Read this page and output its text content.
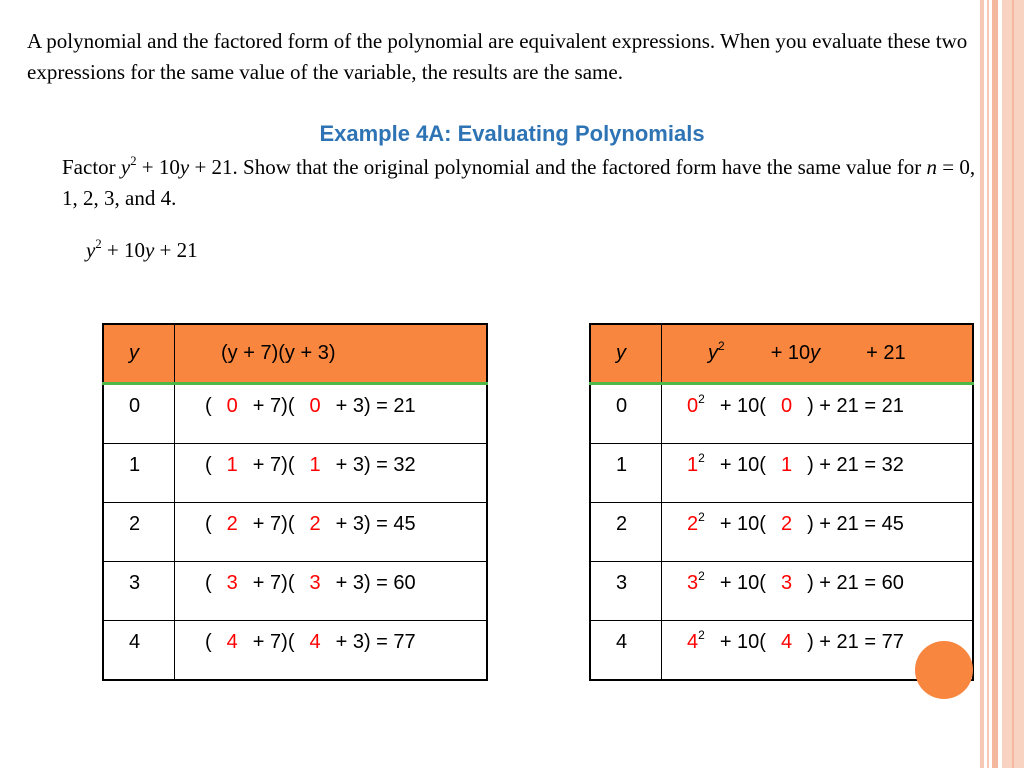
A polynomial and the factored form of the polynomial are equivalent expressions. When you evaluate these two expressions for the same value of the variable, the results are the same.

Example 4A: Evaluating Polynomials

Factor $y^2 + 10y + 21$. Show that the original polynomial and the factored form have the same value for n = 0, 1, 2, 3, and 4.

$y^2 + 10y + 21$

y	(y + 7)(y + 3)
0	( 0+ 7)( 0+ 3) = 21
1	( 1+ 7)( 1+ 3) = 32
2	( 2+ 7)( 2+ 3) = 45
3	( 3+ 7)( 3+ 3) = 60
4	( 4+ 7)( 4+ 3) = 77
y	$y^2+ 10y+ 21$
0	$0^2+ 10$( 0 ) + 21 = 21
1	$1^2+ 10$( 1 ) + 21 = 32
2	$2^2+ 10$( 2 ) + 21 = 45
3	$3^2+ 10$( 3 ) + 21 = 60
4	$4^2+ 10$( 4 ) + 21 = 77
